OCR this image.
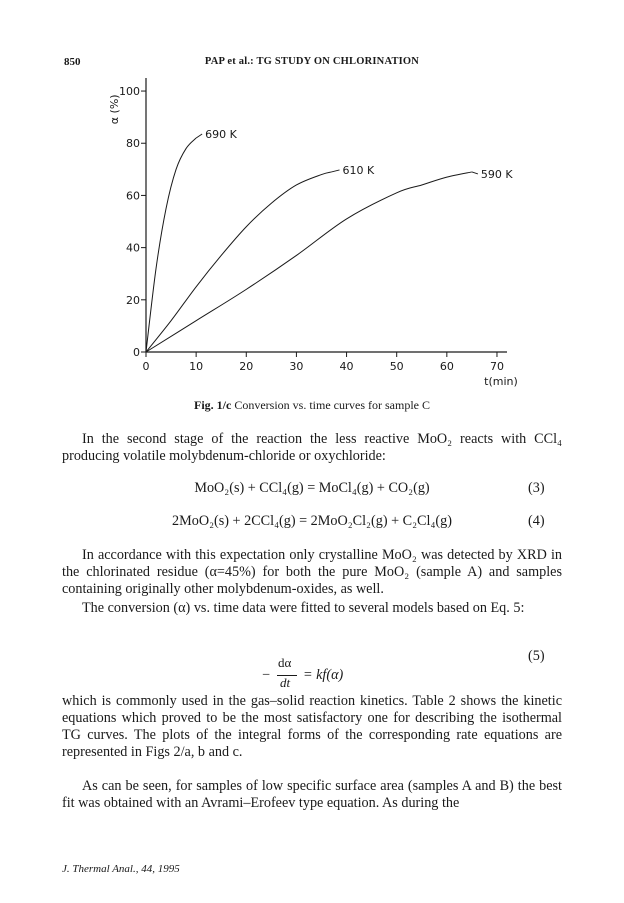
850	PAP et al.: TG STUDY ON CHLORINATION
0	10	20	30	40	50	60	70
0
20
40
60
80
100
α (%)
t(min)
690 K
610 K	590 K
Fig. 1/c Conversion vs. time curves for sample C
In the second stage of the reaction the less reactive MoO₂ reacts with CCl₄ producing volatile molybdenum-chloride or oxychloride:
MoO₂(s) + CCl₄(g) = MoCl₄(g) + CO₂(g)	(3)
2MoO₂(s) + 2CCl₄(g) = 2MoO₂Cl₂(g) + C₂Cl₄(g)	(4)
In accordance with this expectation only crystalline MoO₂ was detected by XRD in the chlorinated residue (α=45%) for both the pure MoO₂ (sample A) and samples containing originally other molybdenum-oxides, as well.
The conversion (α) vs. time data were fitted to several models based on Eq. 5:
−
dα
dt = kf(α)
(5)
which is commonly used in the gas–solid reaction kinetics. Table 2 shows the kinetic equations which proved to be the most satisfactory one for describing the isothermal TG curves. The plots of the integral forms of the corresponding rate equations are represented in Figs 2/a, b and c.
As can be seen, for samples of low specific surface area (samples A and B) the best fit was obtained with an Avrami–Erofeev type equation. As during the
J. Thermal Anal., 44, 1995
